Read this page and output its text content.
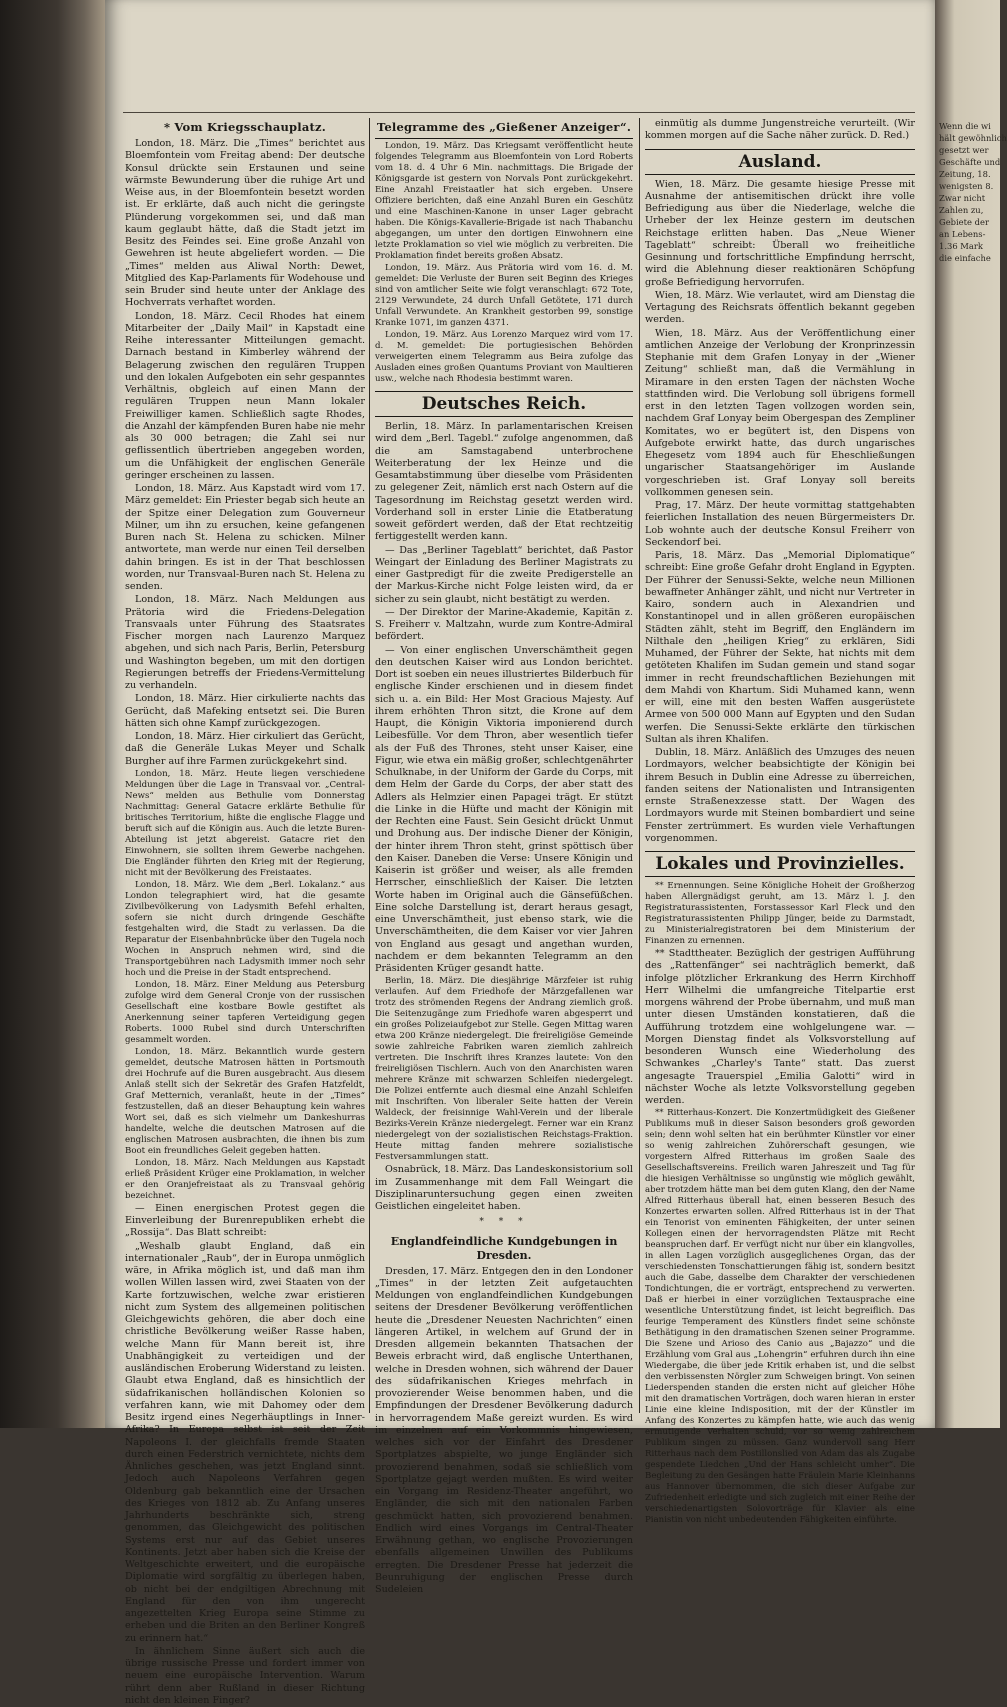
* Vom Kriegsschauplatz.

London, 18. März. Die „Times“ berichtet aus Bloemfontein vom Freitag abend: Der deutsche Konsul drückte sein Erstaunen und seine wärmste Bewunderung über die ruhige Art und Weise aus, in der Bloemfontein besetzt worden ist. Er erklärte, daß auch nicht die geringste Plünderung vorgekommen sei, und daß man kaum geglaubt hätte, daß die Stadt jetzt im Besitz des Feindes sei. Eine große Anzahl von Gewehren ist heute abgeliefert worden. — Die „Times“ melden aus Aliwal North: Dewet, Mitglied des Kap-Parlaments für Wodehouse und sein Bruder sind heute unter der Anklage des Hochverrats verhaftet worden.

London, 18. März. Cecil Rhodes hat einem Mitarbeiter der „Daily Mail“ in Kapstadt eine Reihe interessanter Mitteilungen gemacht. Darnach bestand in Kimberley während der Belagerung zwischen den regulären Truppen und den lokalen Aufgeboten ein sehr gespanntes Verhältnis, obgleich auf einen Mann der regulären Truppen neun Mann lokaler Freiwilliger kamen. Schließlich sagte Rhodes, die Anzahl der kämpfenden Buren habe nie mehr als 30 000 betragen; die Zahl sei nur geflissentlich übertrieben angegeben worden, um die Unfähigkeit der englischen Generäle geringer erscheinen zu lassen.

London, 18. März. Aus Kapstadt wird vom 17. März gemeldet: Ein Priester begab sich heute an der Spitze einer Delegation zum Gouverneur Milner, um ihn zu ersuchen, keine gefangenen Buren nach St. Helena zu schicken. Milner antwortete, man werde nur einen Teil derselben dahin bringen. Es ist in der That beschlossen worden, nur Transvaal-Buren nach St. Helena zu senden.

London, 18. März. Nach Meldungen aus Prätoria wird die Friedens-Delegation Transvaals unter Führung des Staatsrates Fischer morgen nach Laurenzo Marquez abgehen, und sich nach Paris, Berlin, Petersburg und Washington begeben, um mit den dortigen Regierungen betreffs der Friedens-Vermittelung zu verhandeln.

London, 18. März. Hier cirkulierte nachts das Gerücht, daß Mafeking entsetzt sei. Die Buren hätten sich ohne Kampf zurückgezogen.

London, 18. März. Hier cirkuliert das Gerücht, daß die Generäle Lukas Meyer und Schalk Burgher auf ihre Farmen zurückgekehrt sind.

London, 18. März. Heute liegen verschiedene Meldungen über die Lage in Transvaal vor. „Central-News“ melden aus Bethulie vom Donnerstag Nachmittag: General Gatacre erklärte Bethulie für britisches Territorium, hißte die englische Flagge und beruft sich auf die Königin aus. Auch die letzte Buren-Abteilung ist jetzt abgereist. Gatacre riet den Einwohnern, sie sollten ihrem Gewerbe nachgehen. Die Engländer führten den Krieg mit der Regierung, nicht mit der Bevölkerung des Freistaates.

London, 18. März. Wie dem „Berl. Lokalanz.“ aus London telegraphiert wird, hat die gesamte Zivilbevölkerung von Ladysmith Befehl erhalten, sofern sie nicht durch dringende Geschäfte festgehalten wird, die Stadt zu verlassen. Da die Reparatur der Eisenbahnbrücke über den Tugela noch Wochen in Anspruch nehmen wird, sind die Transportgebühren nach Ladysmith immer noch sehr hoch und die Preise in der Stadt entsprechend.

London, 18. März. Einer Meldung aus Petersburg zufolge wird dem General Cronje von der russischen Gesellschaft eine kostbare Bowle gestiftet als Anerkennung seiner tapferen Verteidigung gegen Roberts. 1000 Rubel sind durch Unterschriften gesammelt worden.

London, 18. März. Bekanntlich wurde gestern gemeldet, deutsche Matrosen hätten in Portsmouth drei Hochrufe auf die Buren ausgebracht. Aus diesem Anlaß stellt sich der Sekretär des Grafen Hatzfeldt, Graf Metternich, veranlaßt, heute in der „Times“ festzustellen, daß an dieser Behauptung kein wahres Wort sei, daß es sich vielmehr um Dankeshurras handelte, welche die deutschen Matrosen auf die englischen Matrosen ausbrachten, die ihnen bis zum Boot ein freundliches Geleit gegeben hatten.

London, 18. März. Nach Meldungen aus Kapstadt erließ Präsident Krüger eine Proklamation, in welcher er den Oranjefreistaat als zu Transvaal gehörig bezeichnet.

— Einen energischen Protest gegen die Einverleibung der Burenrepubliken erhebt die „Rossija“. Das Blatt schreibt:

„Weshalb glaubt England, daß ein internationaler „Raub“, der in Europa unmöglich wäre, in Afrika möglich ist, und daß man ihm wollen Willen lassen wird, zwei Staaten von der Karte fortzuwischen, welche zwar eristieren nicht zum System des allgemeinen politischen Gleichgewichts gehören, die aber doch eine christliche Bevölkerung weißer Rasse haben, welche Mann für Mann bereit ist, ihre Unabhängigkeit zu verteidigen und der ausländischen Eroberung Widerstand zu leisten. Glaubt etwa England, daß es hinsichtlich der südafrikanischen holländischen Kolonien so verfahren kann, wie mit Dahomey oder dem Besitz irgend eines Negerhäuptlings in Inner-Afrika? In Europa selbst ist seit der Zeit Napoleons I. der gleichfalls fremde Staaten durch einen Federstrich vernichtete, nichts dem Ähnliches geschehen, was jetzt England sinnt. Jedoch auch Napoleons Verfahren gegen Oldenburg gab bekanntlich eine der Ursachen des Krieges von 1812 ab. Zu Anfang unseres Jahrhunderts beschränkte sich, streng genommen, das Gleichgewicht des politischen Systems erst nur auf das Gebiet unseres Kontinents. Jetzt aber haben sich die Kreise der Weltgeschichte erweitert, und die europäische Diplomatie wird sorgfältig zu überlegen haben, ob nicht bei der endgiltigen Abrechnung mit England für den von ihm ungerecht angezettelten Krieg Europa seine Stimme zu erheben und die Briten an den Berliner Kongreß zu erinnern hat.“

In ähnlichem Sinne äußert sich auch die übrige russische Presse und fordert immer von neuem eine europäische Intervention. Warum rührt denn aber Rußland in dieser Richtung nicht den kleinen Finger?

Telegramme des „Gießener Anzeiger“.

London, 19. März. Das Kriegsamt veröffentlicht heute folgendes Telegramm aus Bloemfontein von Lord Roberts vom 18. d. 4 Uhr 6 Min. nachmittags. Die Brigade der Königsgarde ist gestern von Norvals Pont zurückgekehrt. Eine Anzahl Freistaatler hat sich ergeben. Unsere Offiziere berichten, daß eine Anzahl Buren ein Geschütz und eine Maschinen-Kanone in unser Lager gebracht haben. Die Königs-Kavallerie-Brigade ist nach Thabanchu abgegangen, um unter den dortigen Einwohnern eine letzte Proklamation so viel wie möglich zu verbreiten. Die Proklamation findet bereits großen Absatz.

London, 19. März. Aus Prätoria wird vom 16. d. M. gemeldet: Die Verluste der Buren seit Beginn des Krieges sind von amtlicher Seite wie folgt veranschlagt: 672 Tote, 2129 Verwundete, 24 durch Unfall Getötete, 171 durch Unfall Verwundete. An Krankheit gestorben 99, sonstige Kranke 1071, im ganzen 4371.

London, 19. März. Aus Lorenzo Marquez wird vom 17. d. M. gemeldet: Die portugiesischen Behörden verweigerten einem Telegramm aus Beira zufolge das Ausladen eines großen Quantums Proviant von Maultieren usw., welche nach Rhodesia bestimmt waren.

Deutsches Reich.

Berlin, 18. März. In parlamentarischen Kreisen wird dem „Berl. Tagebl.“ zufolge angenommen, daß die am Samstagabend unterbrochene Weiterberatung der lex Heinze und die Gesamtabstimmung über dieselbe vom Präsidenten zu gelegener Zeit, nämlich erst nach Ostern auf die Tagesordnung im Reichstag gesetzt werden wird. Vorderhand soll in erster Linie die Etatberatung soweit gefördert werden, daß der Etat rechtzeitig fertiggestellt werden kann.

— Das „Berliner Tageblatt“ berichtet, daß Pastor Weingart der Einladung des Berliner Magistrats zu einer Gastpredigt für die zweite Predigerstelle an der Markus-Kirche nicht Folge leisten wird, da er sicher zu sein glaubt, nicht bestätigt zu werden.

— Der Direktor der Marine-Akademie, Kapitän z. S. Freiherr v. Maltzahn, wurde zum Kontre-Admiral befördert.

— Von einer englischen Unverschämtheit gegen den deutschen Kaiser wird aus London berichtet. Dort ist soeben ein neues illustriertes Bilderbuch für englische Kinder erschienen und in diesem findet sich u. a. ein Bild: Her Most Gracious Majesty. Auf ihrem erhöhten Thron sitzt, die Krone auf dem Haupt, die Königin Viktoria imponierend durch Leibesfülle. Vor dem Thron, aber wesentlich tiefer als der Fuß des Thrones, steht unser Kaiser, eine Figur, wie etwa ein mäßig großer, schlechtgenährter Schulknabe, in der Uniform der Garde du Corps, mit dem Helm der Garde du Corps, der aber statt des Adlers als Helmzier einen Papagei trägt. Er stützt die Linke in die Hüfte und macht der Königin mit der Rechten eine Faust. Sein Gesicht drückt Unmut und Drohung aus. Der indische Diener der Königin, der hinter ihrem Thron steht, grinst spöttisch über den Kaiser. Daneben die Verse: Unsere Königin und Kaiserin ist größer und weiser, als alle fremden Herrscher, einschließlich der Kaiser. Die letzten Worte haben im Original auch die Gänsefüßchen. Eine solche Darstellung ist, derart heraus gesagt, eine Unverschämtheit, just ebenso stark, wie die Unverschämtheiten, die dem Kaiser vor vier Jahren von England aus gesagt und angethan wurden, nachdem er dem bekannten Telegramm an den Präsidenten Krüger gesandt hatte.

Berlin, 18. März. Die diesjährige Märzfeier ist ruhig verlaufen. Auf dem Friedhofe der Märzgefallenen war trotz des strömenden Regens der Andrang ziemlich groß. Die Seitenzugänge zum Friedhofe waren abgesperrt und ein großes Polizeiaufgebot zur Stelle. Gegen Mittag waren etwa 200 Kränze niedergelegt. Die freireligiöse Gemeinde sowie zahlreiche Fabriken waren ziemlich zahlreich vertreten. Die Inschrift ihres Kranzes lautete: Von den freireligiösen Tischlern. Auch von den Anarchisten waren mehrere Kränze mit schwarzen Schleifen niedergelegt. Die Polizei entfernte auch diesmal eine Anzahl Schleifen mit Inschriften. Von liberaler Seite hatten der Verein Waldeck, der freisinnige Wahl-Verein und der liberale Bezirks-Verein Kränze niedergelegt. Ferner war ein Kranz niedergelegt von der sozialistischen Reichstags-Fraktion. Heute mittag fanden mehrere sozialistische Festversammlungen statt.

Osnabrück, 18. März. Das Landeskonsistorium soll im Zusammenhange mit dem Fall Weingart die Disziplinaruntersuchung gegen einen zweiten Geistlichen eingeleitet haben.

* * *
Englandfeindliche Kundgebungen in Dresden.

Dresden, 17. März. Entgegen den in den Londoner „Times“ in der letzten Zeit aufgetauchten Meldungen von englandfeindlichen Kundgebungen seitens der Dresdener Bevölkerung veröffentlichen heute die „Dresdener Neuesten Nachrichten“ einen längeren Artikel, in welchem auf Grund der in Dresden allgemein bekannten Thatsachen der Beweis erbracht wird, daß englische Unterthanen, welche in Dresden wohnen, sich während der Dauer des südafrikanischen Krieges mehrfach in provozierender Weise benommen haben, und die Empfindungen der Dresdener Bevölkerung dadurch in hervorragendem Maße gereizt wurden. Es wird im einzelnen auf ein Vorkommnis hingewiesen, welches sich vor der Einfahrt des Dresdener Sportplatzes abspielte, wo junge Engländer sich provozierend benahmen, sodaß sie schließlich vom Sportplatze gejagt werden mußten. Es wird weiter ein Vorgang im Residenz-Theater angeführt, wo Engländer, die sich mit den nationalen Farben geschmückt hatten, sich provozierend benahmen. Endlich wird eines Vorgangs im Central-Theater Erwähnung gethan, wo englische Provozierungen ebenfalls allgemeinen Unwillen des Publikums erregten. Die Dresdener Presse hat jederzeit die Beunruhigung der englischen Presse durch Sudeleien

einmütig als dumme Jungenstreiche verurteilt. (Wir kommen morgen auf die Sache näher zurück. D. Red.)

Ausland.

Wien, 18. März. Die gesamte hiesige Presse mit Ausnahme der antisemitischen drückt ihre volle Befriedigung aus über die Niederlage, welche die Urheber der lex Heinze gestern im deutschen Reichstage erlitten haben. Das „Neue Wiener Tageblatt“ schreibt: Überall wo freiheitliche Gesinnung und fortschrittliche Empfindung herrscht, wird die Ablehnung dieser reaktionären Schöpfung große Befriedigung hervorrufen.

Wien, 18. März. Wie verlautet, wird am Dienstag die Vertagung des Reichsrats öffentlich bekannt gegeben werden.

Wien, 18. März. Aus der Veröffentlichung einer amtlichen Anzeige der Verlobung der Kronprinzessin Stephanie mit dem Grafen Lonyay in der „Wiener Zeitung“ schließt man, daß die Vermählung in Miramare in den ersten Tagen der nächsten Woche stattfinden wird. Die Verlobung soll übrigens formell erst in den letzten Tagen vollzogen worden sein, nachdem Graf Lonyay beim Obergespan des Zempliner Komitates, wo er begütert ist, den Dispens von Aufgebote erwirkt hatte, das durch ungarisches Ehegesetz vom 1894 auch für Eheschließungen ungarischer Staatsangehöriger im Auslande vorgeschrieben ist. Graf Lonyay soll bereits vollkommen genesen sein.

Prag, 17. März. Der heute vormittag stattgehabten feierlichen Installation des neuen Bürgermeisters Dr. Lob wohnte auch der deutsche Konsul Freiherr von Seckendorf bei.

Paris, 18. März. Das „Memorial Diplomatique“ schreibt: Eine große Gefahr droht England in Egypten. Der Führer der Senussi-Sekte, welche neun Millionen bewaffneter Anhänger zählt, und nicht nur Vertreter in Kairo, sondern auch in Alexandrien und Konstantinopel und in allen größeren europäischen Städten zählt, steht im Begriff, den Engländern im Nilthale den „heiligen Krieg“ zu erklären, Sidi Muhamed, der Führer der Sekte, hat nichts mit dem getöteten Khalifen im Sudan gemein und stand sogar immer in recht freundschaftlichen Beziehungen mit dem Mahdi von Khartum. Sidi Muhamed kann, wenn er will, eine mit den besten Waffen ausgerüstete Armee von 500 000 Mann auf Egypten und den Sudan werfen. Die Senussi-Sekte erklärte den türkischen Sultan als ihren Khalifen.

Dublin, 18. März. Anläßlich des Umzuges des neuen Lordmayors, welcher beabsichtigte der Königin bei ihrem Besuch in Dublin eine Adresse zu überreichen, fanden seitens der Nationalisten und Intransigenten ernste Straßenexzesse statt. Der Wagen des Lordmayors wurde mit Steinen bombardiert und seine Fenster zertrümmert. Es wurden viele Verhaftungen vorgenommen.

Lokales und Provinzielles.

** Ernennungen. Seine Königliche Hoheit der Großherzog haben Allergnädigst geruht, am 13. März l. J. den Registraturassistenten, Forstassessor Karl Fleck und den Registraturassistenten Philipp Jünger, beide zu Darmstadt, zu Ministerialregistratoren bei dem Ministerium der Finanzen zu ernennen.

** Stadttheater. Bezüglich der gestrigen Aufführung des „Rattenfänger“ sei nachträglich bemerkt, daß infolge plötzlicher Erkrankung des Herrn Kirchhoff Herr Wilhelmi die umfangreiche Titelpartie erst morgens während der Probe übernahm, und muß man unter diesen Umständen konstatieren, daß die Aufführung trotzdem eine wohlgelungene war. — Morgen Dienstag findet als Volksvorstellung auf besonderen Wunsch eine Wiederholung des Schwankes „Charley's Tante“ statt. Das zuerst angesagte Trauerspiel „Emilia Galotti“ wird in nächster Woche als letzte Volksvorstellung gegeben werden.

** Ritterhaus-Konzert. Die Konzertmüdigkeit des Gießener Publikums muß in dieser Saison besonders groß geworden sein; denn wohl selten hat ein berühmter Künstler vor einer so wenig zahlreichen Zuhörerschaft gesungen, wie vorgestern Alfred Ritterhaus im großen Saale des Gesellschaftsvereins. Freilich waren Jahreszeit und Tag für die hiesigen Verhältnisse so ungünstig wie möglich gewählt, aber trotzdem hätte man bei dem guten Klang, den der Name Alfred Ritterhaus überall hat, einen besseren Besuch des Konzertes erwarten sollen. Alfred Ritterhaus ist in der That ein Tenorist von eminenten Fähigkeiten, der unter seinen Kollegen einen der hervorragendsten Plätze mit Recht beanspruchen darf. Er verfügt nicht nur über ein klangvolles, in allen Lagen vorzüglich ausgeglichenes Organ, das der verschiedensten Tonschattierungen fähig ist, sondern besitzt auch die Gabe, dasselbe dem Charakter der verschiedenen Tondichtungen, die er vorträgt, entsprechend zu verwerten. Daß er hierbei in einer vorzüglichen Textausprache eine wesentliche Unterstützung findet, ist leicht begreiflich. Das feurige Temperament des Künstlers findet seine schönste Bethätigung in den dramatischen Szenen seiner Programme. Die Szene und Arioso des Canio aus „Bajazzo“ und die Erzählung vom Gral aus „Lohengrin“ erfuhren durch ihn eine Wiedergabe, die über jede Kritik erhaben ist, und die selbst den verbissensten Nörgler zum Schweigen bringt. Von seinen Liederspenden standen die ersten nicht auf gleicher Höhe mit den dramatischen Vorträgen, doch waren hieran in erster Linie eine kleine Indisposition, mit der der Künstler im Anfang des Konzertes zu kämpfen hatte, wie auch das wenig ermutigende Verhalten schuld, vor so wenig zahlreichem Publikum singen zu müssen. Ganz wundervoll sang Herr Ritterhaus nach dem Postillonslied von Adam das als Zugabe gespendete Liedchen „Und der Hans schleicht umher“. Die Begleitung zu den Gesängen hatte Fräulein Marie Kleinhanns aus Hannover übernommen, die sich dieser Aufgabe zur Zufriedenheit erledigte und sich zugleich mit einer Reihe der verschiedenartigsten Solovorträge für Klavier als eine Pianistin von nicht unbedeutenden Fähigkeiten einführte.

Wenn die wi
hält gewöhnlich
gesetzt wer
Geschäfte und
Zeitung, 18.
wenigsten 8.
Zwar nicht
Zahlen zu,
Gebiete der
an Lebens-
1.36 Mark
die einfache
